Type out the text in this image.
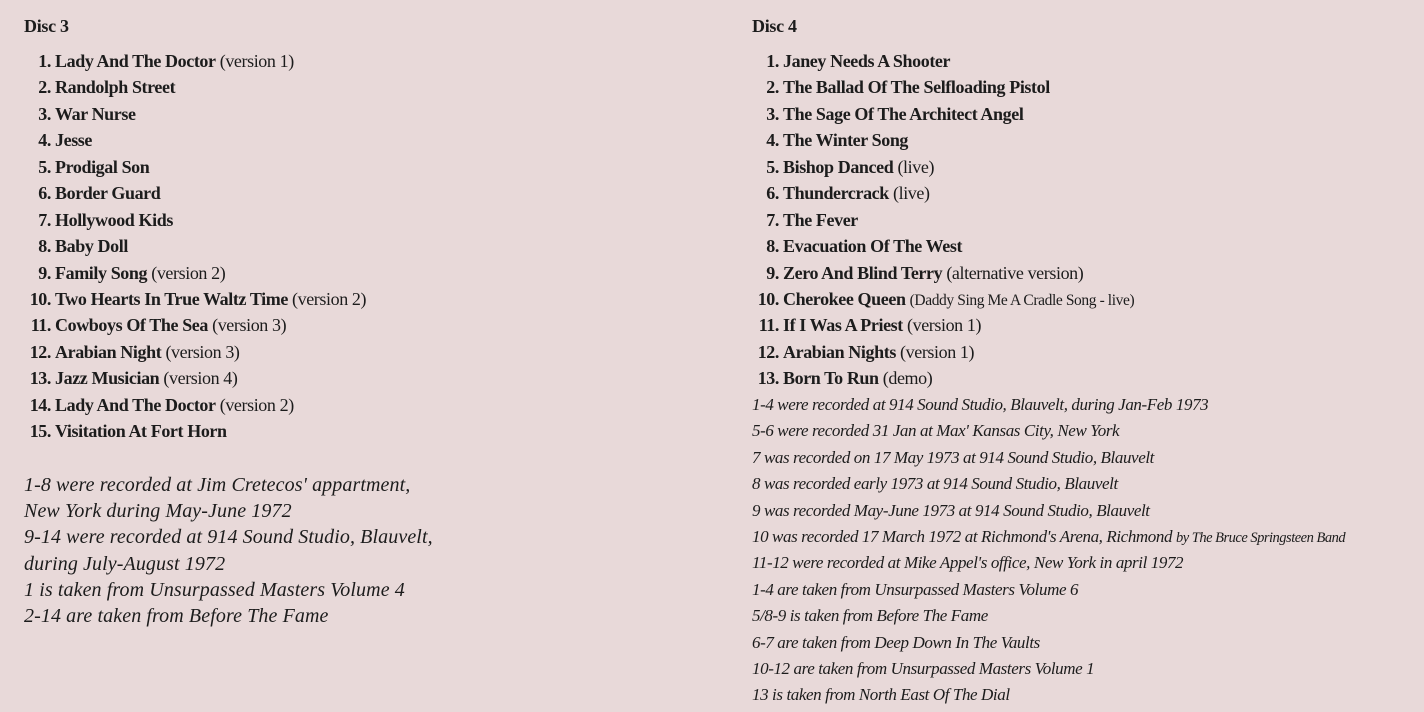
Disc 3
1. Lady And The Doctor (version 1)
2. Randolph Street
3. War Nurse
4. Jesse
5. Prodigal Son
6. Border Guard
7. Hollywood Kids
8. Baby Doll
9. Family Song (version 2)
10. Two Hearts In True Waltz Time (version 2)
11. Cowboys Of The Sea (version 3)
12. Arabian Night (version 3)
13. Jazz Musician (version 4)
14. Lady And The Doctor (version 2)
15. Visitation At Fort Horn
1-8 were recorded at Jim Cretecos' appartment,
New York during May-June 1972
9-14 were recorded at 914 Sound Studio, Blauvelt,
during July-August 1972
1 is taken from Unsurpassed Masters Volume 4
2-14 are taken from Before The Fame
Disc 4
1. Janey Needs A Shooter
2. The Ballad Of The Selfloading Pistol
3. The Sage Of The Architect Angel
4. The Winter Song
5. Bishop Danced (live)
6. Thundercrack (live)
7. The Fever
8. Evacuation Of The West
9. Zero And Blind Terry (alternative version)
10. Cherokee Queen (Daddy Sing Me A Cradle Song - live)
11. If I Was A Priest (version 1)
12. Arabian Nights (version 1)
13. Born To Run (demo)
1-4 were recorded at 914 Sound Studio, Blauvelt, during Jan-Feb 1973
5-6 were recorded 31 Jan at Max' Kansas City, New York
7 was recorded on 17 May 1973 at 914 Sound Studio, Blauvelt
8 was recorded early 1973 at 914 Sound Studio, Blauvelt
9 was recorded May-June 1973 at 914 Sound Studio, Blauvelt
10 was recorded 17 March 1972 at Richmond's Arena, Richmond by The Bruce Springsteen Band
11-12 were recorded at Mike Appel's office, New York in april 1972
1-4 are taken from Unsurpassed Masters Volume 6
5/8-9 is taken from Before The Fame
6-7 are taken from Deep Down In The Vaults
10-12 are taken from Unsurpassed Masters Volume 1
13 is taken from North East Of The Dial
